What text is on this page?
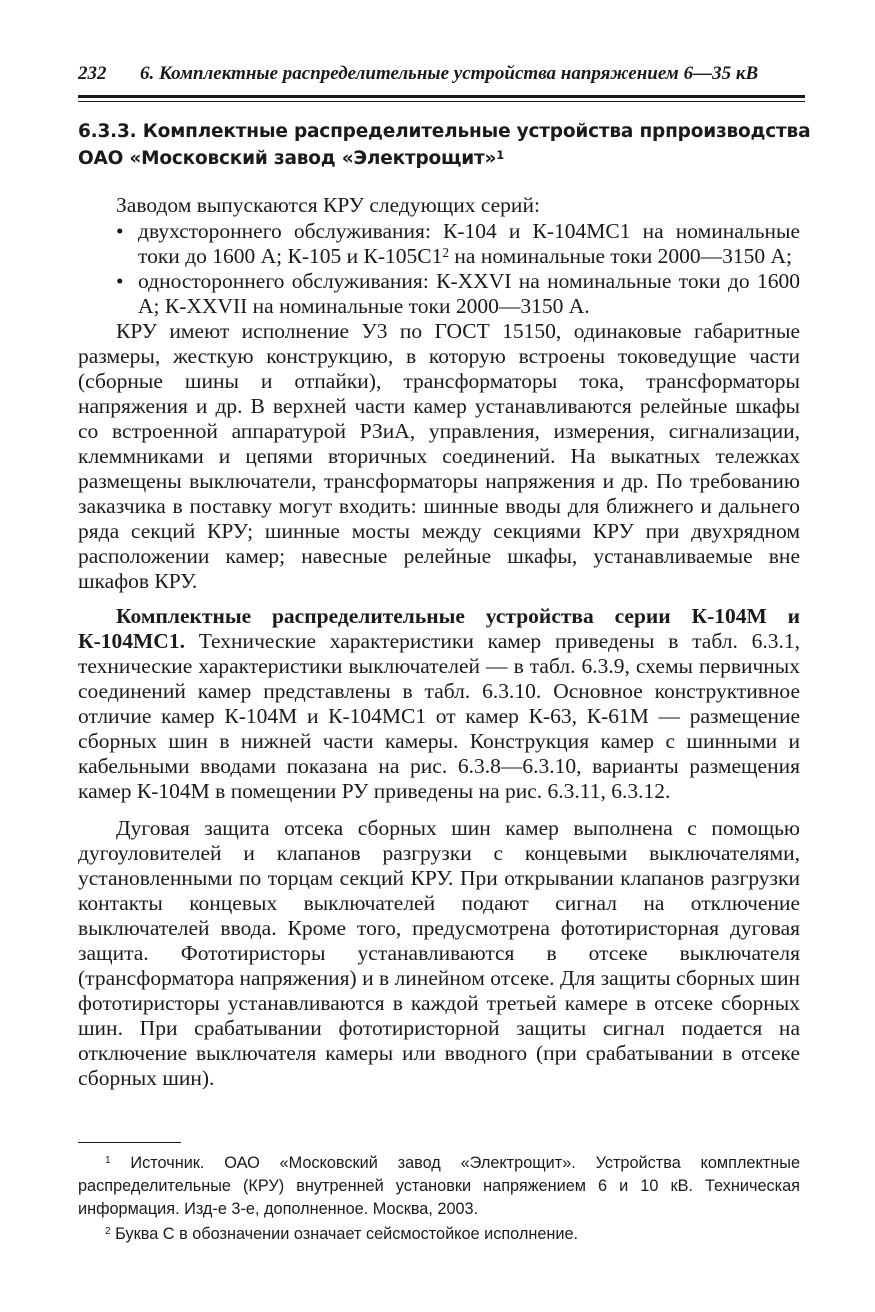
232 6. Комплектные распределительные устройства напряжением 6—35 кВ
6.3.3. Комплектные распределительные устройства прпроизводства
ОАО «Московский завод «Электрощит»$^1$

Заводом выпускаются КРУ следующих серий:

• двухстороннего обслуживания: К-104 и К-104МС1 на номинальные токи до 1600 А; К-105 и $К-105С1^2$ на номинальные токи 2000—3150 А;
• одностороннего обслуживания: К-XXVI на номинальные токи до 1600 А; К-XXVII на номинальные токи 2000—3150 А.

КРУ имеют исполнение У3 по ГОСТ 15150, одинаковые габаритные размеры, жесткую конструкцию, в которую встроены токоведущие части (сборные шины и отпайки), трансформаторы тока, трансформаторы напряжения и др. В верхней части камер устанавливаются релейные шкафы со встроенной аппаратурой РЗиА, управления, измерения, сигнализации, клеммниками и цепями вторичных соединений. На выкатных тележках размещены выключатели, трансформаторы напряжения и др. По требованию заказчика в поставку могут входить: шинные вводы для ближнего и дальнего ряда секций КРУ; шинные мосты между секциями КРУ при двухрядном расположении камер; навесные релейные шкафы, устанавливаемые вне шкафов КРУ.

Комплектные распределительные устройства серии К-104М и К-104МС1. Технические характеристики камер приведены в табл. 6.3.1, технические характеристики выключателей — в табл. 6.3.9, схемы первичных соединений камер представлены в табл. 6.3.10. Основное конструктивное отличие камер К-104М и К-104МС1 от камер К-63, К-61М — размещение сборных шин в нижней части камеры. Конструкция камер с шинными и кабельными вводами показана на рис. 6.3.8—6.3.10, варианты размещения камер К-104М в помещении РУ приведены на рис. 6.3.11, 6.3.12.

Дуговая защита отсека сборных шин камер выполнена с помощью дугоуловителей и клапанов разгрузки с концевыми выключателями, установленными по торцам секций КРУ. При открывании клапанов разгрузки контакты концевых выключателей подают сигнал на отключение выключателей ввода. Кроме того, предусмотрена фототиристорная дуговая защита. Фототиристоры устанавливаются в отсеке выключателя (трансформатора напряжения) и в линейном отсеке. Для защиты сборных шин фототиристоры устанавливаются в каждой третьей камере в отсеке сборных шин. При срабатывании фототиристорной защиты сигнал подается на отключение выключателя камеры или вводного (при срабатывании в отсеке сборных шин).

$^1$ Источник. ОАО «Московский завод «Электрощит». Устройства комплектные распределительные (КРУ) внутренней установки напряжением 6 и 10 кВ. Техническая информация. Изд-е 3-е, дополненное. Москва, 2003.

$^2$ Буква С в обозначении означает сейсмостойкое исполнение.
